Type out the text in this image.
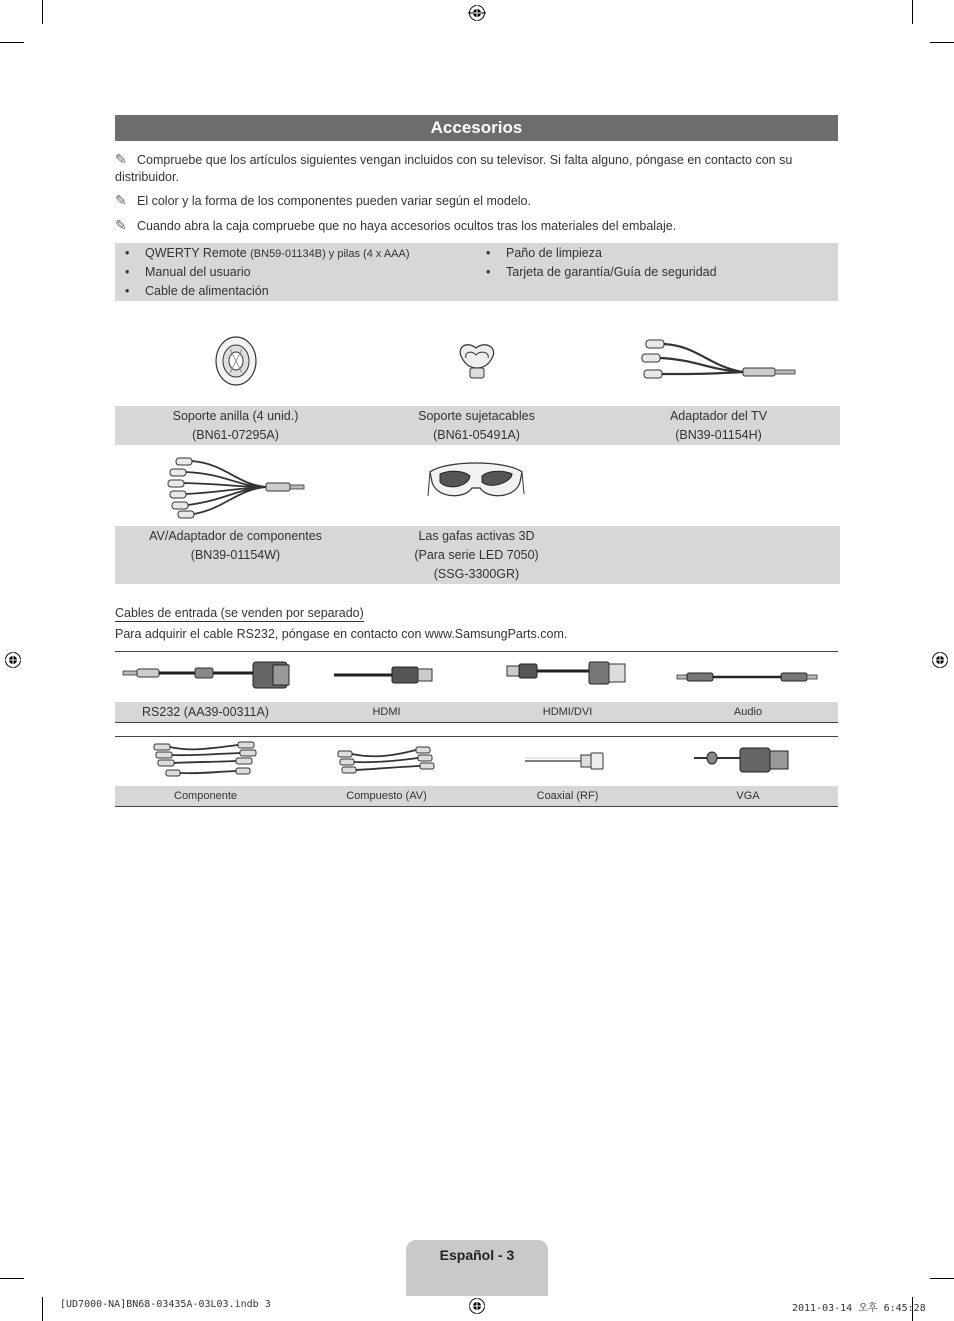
Accesorios
✎ Compruebe que los artículos siguientes vengan incluidos con su televisor. Si falta alguno, póngase en contacto con su distribuidor.
✎ El color y la forma de los componentes pueden variar según el modelo.
✎ Cuando abra la caja compruebe que no haya accesorios ocultos tras los materiales del embalaje.
• QWERTY Remote (BN59-01134B) y pilas (4 x AAA)
• Manual del usuario
• Cable de alimentación
• Paño de limpieza
• Tarjeta de garantía/Guía de seguridad
Soporte anilla (4 unid.)
(BN61-07295A)
Soporte sujetacables
(BN61-05491A)
Adaptador del TV
(BN39-01154H)
AV/Adaptador de componentes
(BN39-01154W)
Las gafas activas 3D
(Para serie LED 7050)
(SSG-3300GR)
Cables de entrada (se venden por separado)
Para adquirir el cable RS232, póngase en contacto con www.SamsungParts.com.
RS232 (AA39-00311A)	HDMI	HDMI/DVI	Audio
Componente	Compuesto (AV)	Coaxial (RF)	VGA
Español - 3
[UD7000-NA]BN68-03435A-03L03.indb 3	2011-03-14 오후 6:45:28
